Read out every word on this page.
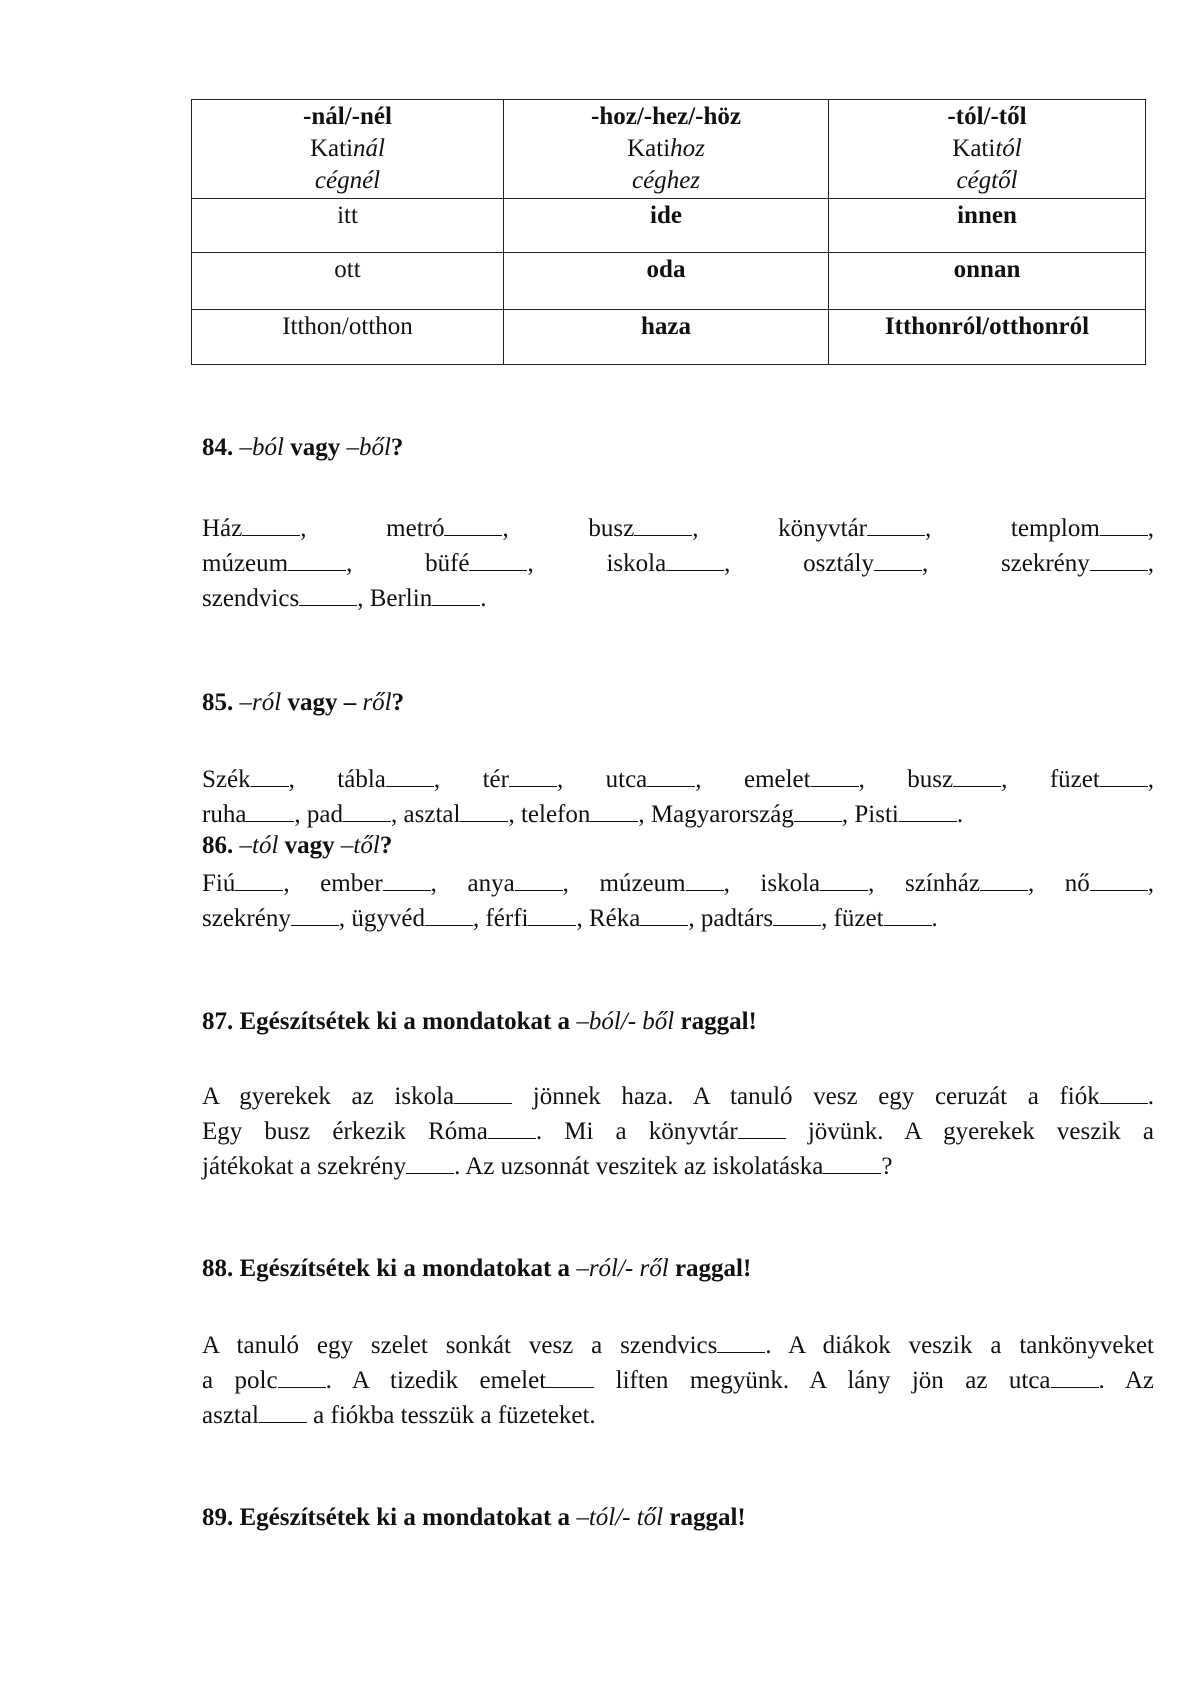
-nál/-nél
Katinál
cégnél	-hoz/-hez/-höz
Katihoz
céghez	-tól/-től
Katitól
cégtől

itt	ide	innen

ott	oda	onnan

Itthon/otthon	haza	Itthonról/otthonról
84. –ból vagy –ből?
Ház ,	metró ,	busz ,	könyvtár ,	templom ,
múzeum ,	büfé ,	iskola ,	osztály ,	szekrény ,
szendvics , Berlin .
85. –ról vagy – ről?
Szék , tábla , tér , utca , emelet , busz , füzet ,
ruha , pad , asztal , telefon , Magyarország , Pisti .
86. –tól vagy –től?
Fiú , ember , anya , múzeum , iskola , színház , nő ,
szekrény , ügyvéd , férfi , Réka , padtárs , füzet .
87. Egészítsétek ki a mondatokat a –ból/- ből raggal!
A gyerekek az iskola jönnek haza. A tanuló vesz egy ceruzát a fiók .
Egy busz érkezik Róma . Mi a könyvtár jövünk. A gyerekek veszik a
játékokat a szekrény . Az uzsonnát veszitek az iskolatáska ?
88. Egészítsétek ki a mondatokat a –ról/- ről raggal!
A tanuló egy szelet sonkát vesz a szendvics . A diákok veszik a tankönyveket
a polc . A tizedik emelet liften megyünk. A lány jön az utca . Az
asztal a fiókba tesszük a füzeteket.
89. Egészítsétek ki a mondatokat a –tól/- től raggal!
